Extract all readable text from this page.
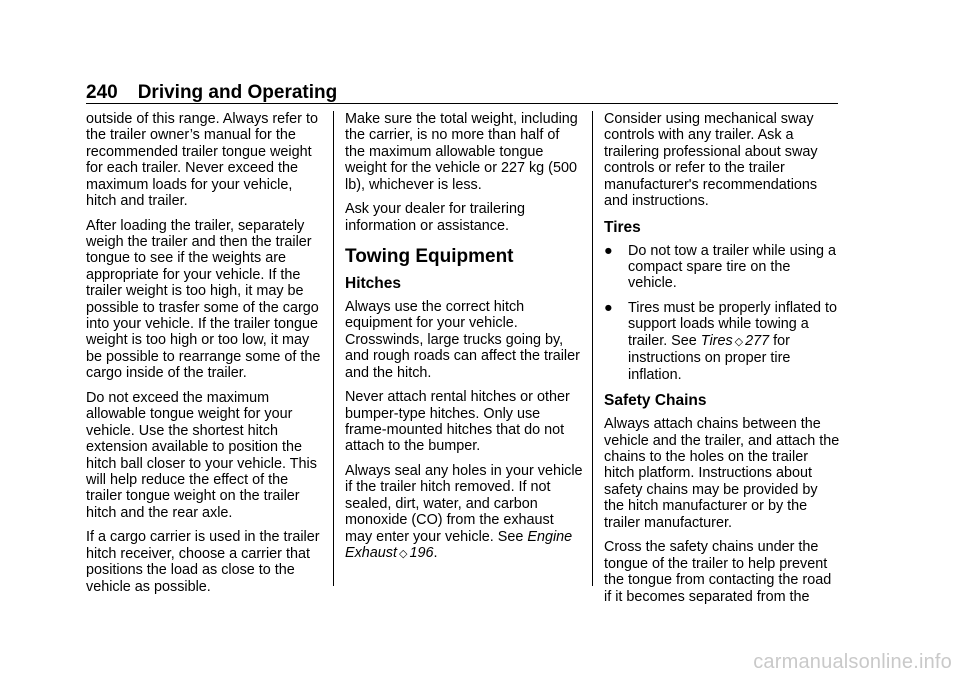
240 Driving and Operating

outside of this range. Always refer to the trailer owner’s manual for the recommended trailer tongue weight for each trailer. Never exceed the maximum loads for your vehicle, hitch and trailer.

After loading the trailer, separately weigh the trailer and then the trailer tongue to see if the weights are appropriate for your vehicle. If the trailer weight is too high, it may be possible to trasfer some of the cargo into your vehicle. If the trailer tongue weight is too high or too low, it may be possible to rearrange some of the cargo inside of the trailer.

Do not exceed the maximum allowable tongue weight for your vehicle. Use the shortest hitch extension available to position the hitch ball closer to your vehicle. This will help reduce the effect of the trailer tongue weight on the trailer hitch and the rear axle.

If a cargo carrier is used in the trailer hitch receiver, choose a carrier that positions the load as close to the vehicle as possible.

Make sure the total weight, including the carrier, is no more than half of the maximum allowable tongue weight for the vehicle or 227 kg (500 lb), whichever is less.

Ask your dealer for trailering information or assistance.

Towing Equipment
Hitches

Always use the correct hitch equipment for your vehicle. Crosswinds, large trucks going by, and rough roads can affect the trailer and the hitch.

Never attach rental hitches or other bumper-type hitches. Only use frame-mounted hitches that do not attach to the bumper.

Always seal any holes in your vehicle if the trailer hitch removed. If not sealed, dirt, water, and carbon monoxide (CO) from the exhaust may enter your vehicle. See Engine Exhaust ◇ 196.

Consider using mechanical sway controls with any trailer. Ask a trailering professional about sway controls or refer to the trailer manufacturer's recommendations and instructions.

Tires
●	Do not tow a trailer while using a compact spare tire on the vehicle.
●	Tires must be properly inflated to support loads while towing a trailer. See Tires ◇ 277 for instructions on proper tire inflation.
Safety Chains

Always attach chains between the vehicle and the trailer, and attach the chains to the holes on the trailer hitch platform. Instructions about safety chains may be provided by the hitch manufacturer or by the trailer manufacturer.

Cross the safety chains under the tongue of the trailer to help prevent the tongue from contacting the road if it becomes separated from the

carmanualsonline.info
